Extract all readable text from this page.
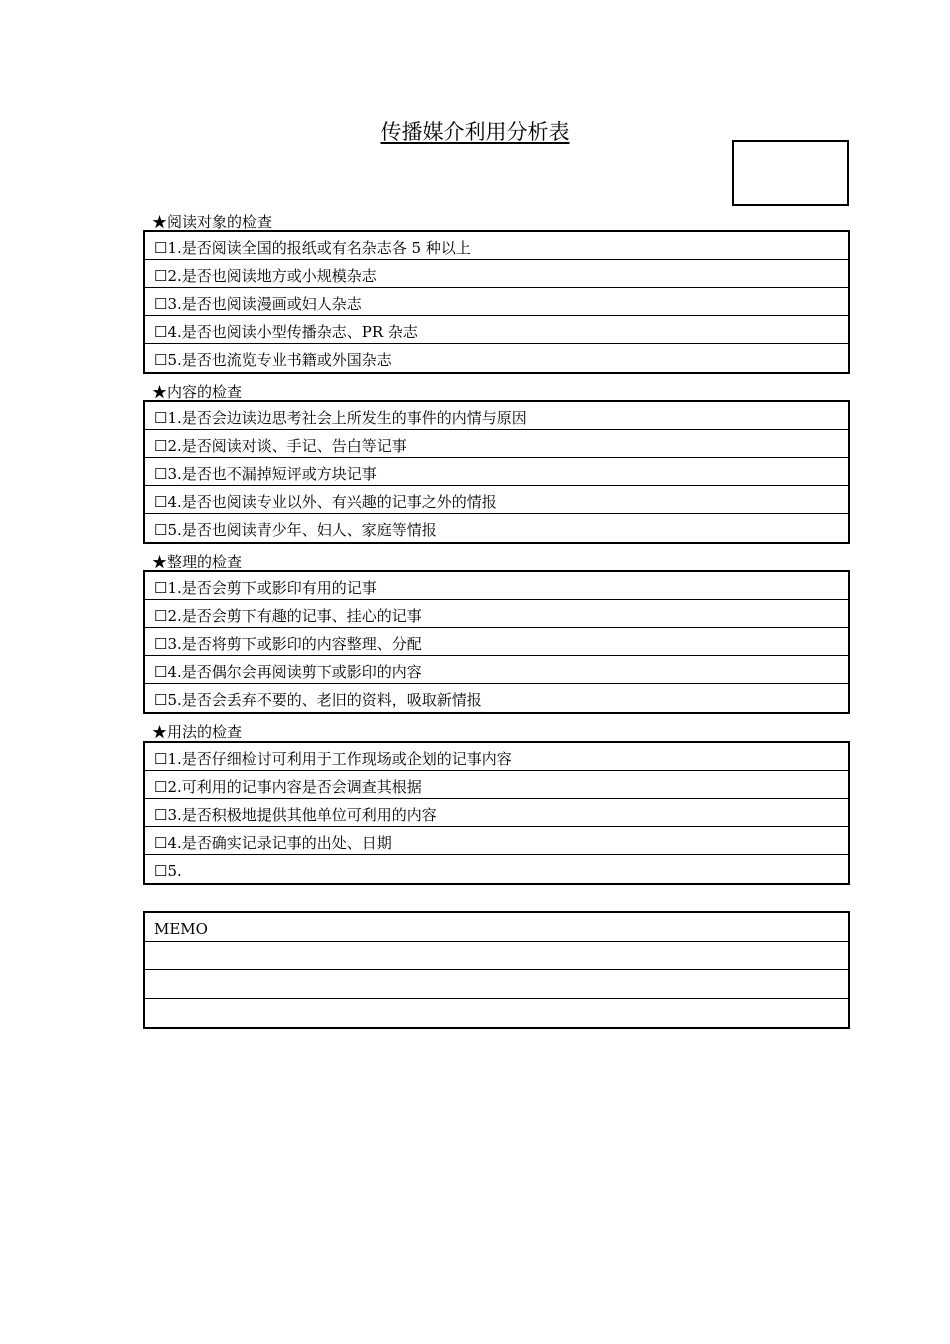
传播媒介利用分析表
★阅读对象的检查
☐1.是否阅读全国的报纸或有名杂志各 5 种以上
☐2.是否也阅读地方或小规模杂志
☐3.是否也阅读漫画或妇人杂志
☐4.是否也阅读小型传播杂志、PR 杂志
☐5.是否也流览专业书籍或外国杂志
★内容的检查
☐1.是否会边读边思考社会上所发生的事件的内情与原因
☐2.是否阅读对谈、手记、告白等记事
☐3.是否也不漏掉短评或方块记事
☐4.是否也阅读专业以外、有兴趣的记事之外的情报
☐5.是否也阅读青少年、妇人、家庭等情报
★整理的检查
☐1.是否会剪下或影印有用的记事
☐2.是否会剪下有趣的记事、挂心的记事
☐3.是否将剪下或影印的内容整理、分配
☐4.是否偶尔会再阅读剪下或影印的内容
☐5.是否会丢弃不要的、老旧的资料，吸取新情报
★用法的检查
☐1.是否仔细检讨可利用于工作现场或企划的记事内容
☐2.可利用的记事内容是否会调查其根据
☐3.是否积极地提供其他单位可利用的内容
☐4.是否确实记录记事的出处、日期
☐5.
MEMO
